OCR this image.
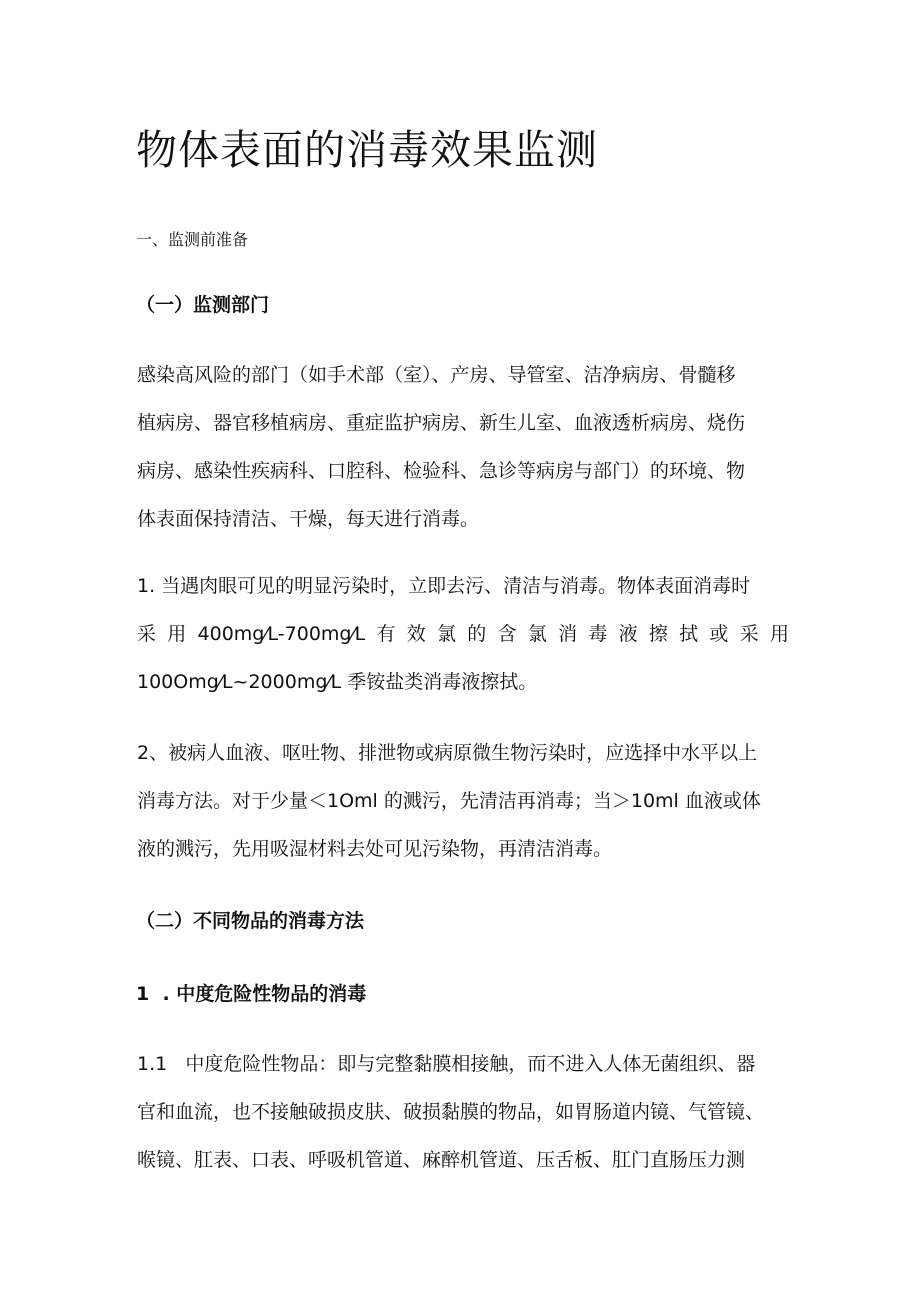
物体表面的消毒效果监测
一、监测前准备
（一）监测部门
感染高风险的部门（如手术部（室）、产房、导管室、洁净病房、骨髓移
植病房、器官移植病房、重症监护病房、新生儿室、血液透析病房、烧伤
病房、感染性疾病科、口腔科、检验科、急诊等病房与部门）的环境、物
体表面保持清洁、干燥，每天进行消毒。
1. 当遇肉眼可见的明显污染时，立即去污、清洁与消毒。物体表面消毒时
采 用 400mg⁄L-700mg⁄L 有 效 氯 的 含 氯 消 毒 液 擦 拭 或 采 用
100Omg⁄L~2000mg⁄L 季铵盐类消毒液擦拭。
2、被病人血液、呕吐物、排泄物或病原微生物污染时，应选择中水平以上
消毒方法。对于少量＜1Oml 的溅污，先清洁再消毒；当＞10ml 血液或体
液的溅污，先用吸湿材料去处可见污染物，再清洁消毒。
（二）不同物品的消毒方法
1  . 中度危险性物品的消毒
1.1   中度危险性物品：即与完整黏膜相接触，而不进入人体无菌组织、器
官和血流，也不接触破损皮肤、破损黏膜的物品，如胃肠道内镜、气管镜、
喉镜、肛表、口表、呼吸机管道、麻醉机管道、压舌板、肛门直肠压力测
